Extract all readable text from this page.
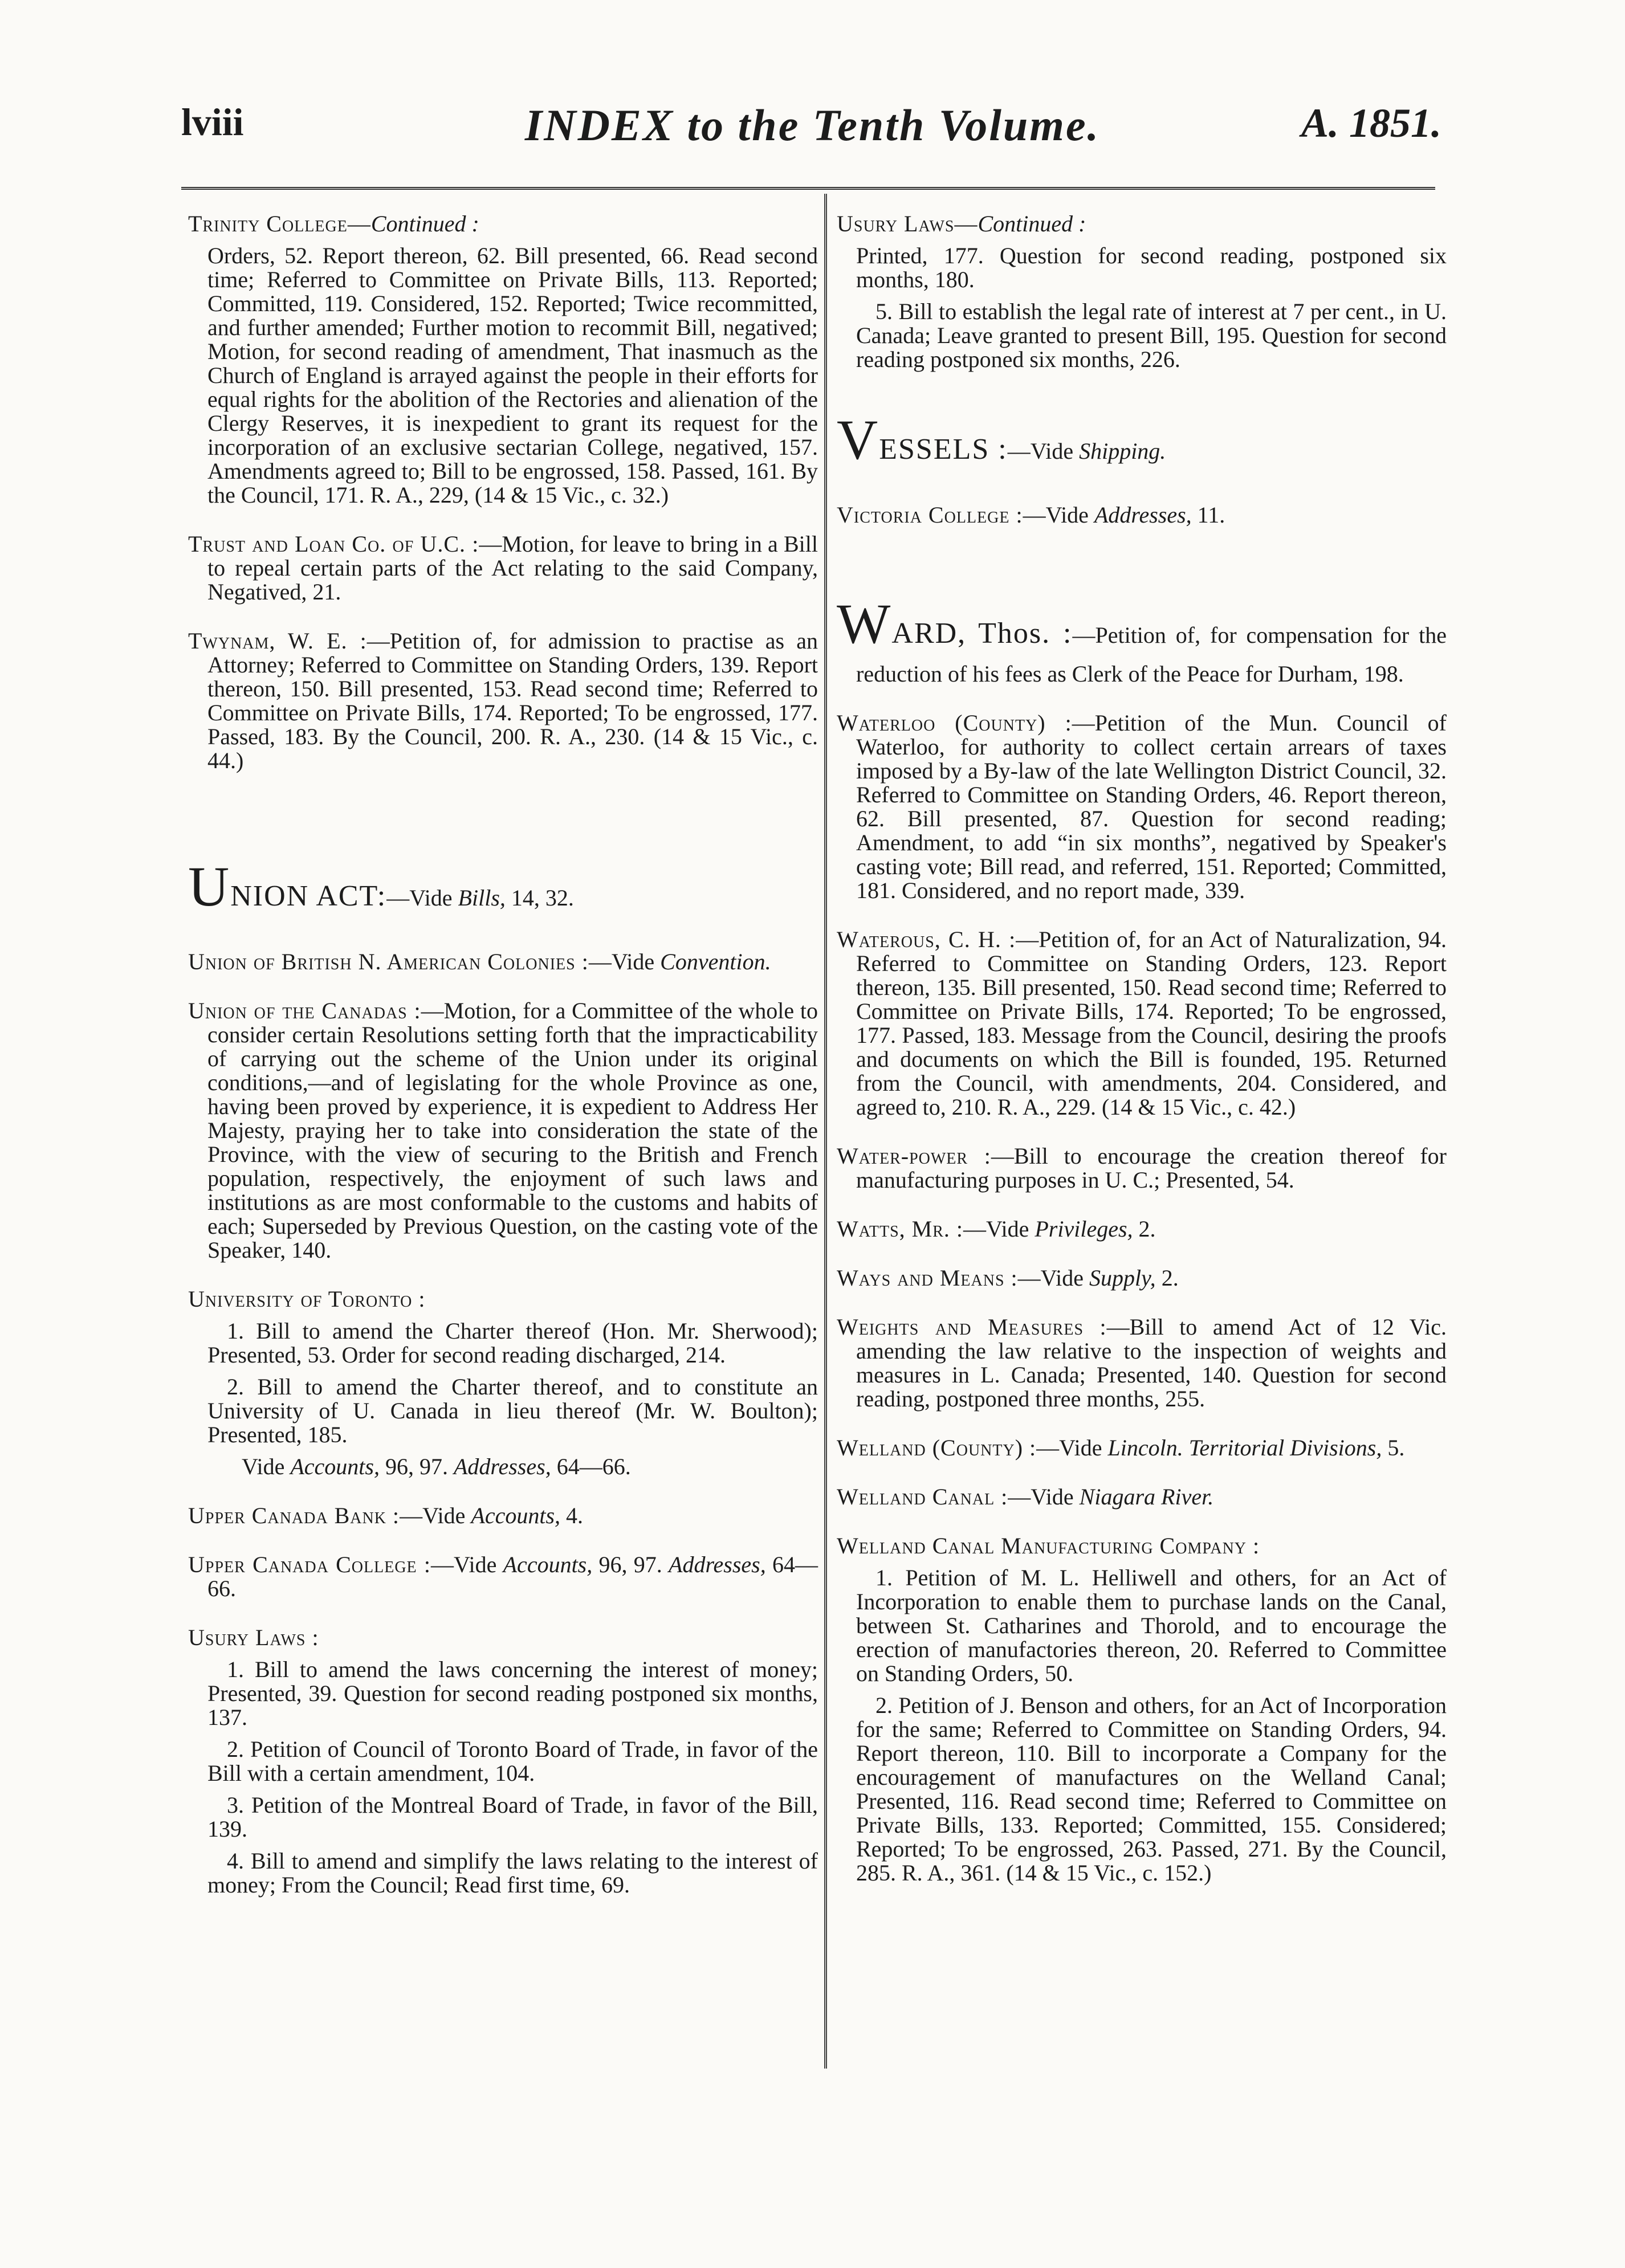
lviii	INDEX to the Tenth Volume.	A. 1851.
Trinity College—Continued :
Orders, 52. Report thereon, 62. Bill presented, 66. Read second time; Referred to Committee on Private Bills, 113. Reported; Committed, 119. Considered, 152. Reported; Twice recommitted, and further amended; Further motion to recommit Bill, negatived; Motion, for second reading of amendment, That inasmuch as the Church of England is arrayed against the people in their efforts for equal rights for the abolition of the Rectories and alienation of the Clergy Reserves, it is inexpedient to grant its request for the incorporation of an exclusive sectarian College, negatived, 157. Amendments agreed to; Bill to be engrossed, 158. Passed, 161. By the Council, 171. R. A., 229, (14 & 15 Vic., c. 32.)
Trust and Loan Co. of U.C. :—Motion, for leave to bring in a Bill to repeal certain parts of the Act relating to the said Company, Negatived, 21.
Twynam, W. E. :—Petition of, for admission to practise as an Attorney; Referred to Committee on Standing Orders, 139. Report thereon, 150. Bill presented, 153. Read second time; Referred to Committee on Private Bills, 174. Reported; To be engrossed, 177. Passed, 183. By the Council, 200. R. A., 230. (14 & 15 Vic., c. 44.)
UNION ACT:—Vide Bills, 14, 32.
Union of British N. American Colonies :—Vide Convention.
Union of the Canadas :—Motion, for a Committee of the whole to consider certain Resolutions setting forth that the impracticability of carrying out the scheme of the Union under its original conditions,—and of legislating for the whole Province as one, having been proved by experience, it is expedient to Address Her Majesty, praying her to take into consideration the state of the Province, with the view of securing to the British and French population, respectively, the enjoyment of such laws and institutions as are most conformable to the customs and habits of each; Superseded by Previous Question, on the casting vote of the Speaker, 140.
University of Toronto :
1. Bill to amend the Charter thereof (Hon. Mr. Sherwood); Presented, 53. Order for second reading discharged, 214.
2. Bill to amend the Charter thereof, and to constitute an University of U. Canada in lieu thereof (Mr. W. Boulton); Presented, 185.
Vide Accounts, 96, 97. Addresses, 64—66.
Upper Canada Bank :—Vide Accounts, 4.
Upper Canada College :—Vide Accounts, 96, 97. Addresses, 64—66.
Usury Laws :
1. Bill to amend the laws concerning the interest of money; Presented, 39. Question for second reading postponed six months, 137.
2. Petition of Council of Toronto Board of Trade, in favor of the Bill with a certain amendment, 104.
3. Petition of the Montreal Board of Trade, in favor of the Bill, 139.
4. Bill to amend and simplify the laws relating to the interest of money; From the Council; Read first time, 69.
Usury Laws—Continued :
Printed, 177. Question for second reading, postponed six months, 180.
5. Bill to establish the legal rate of interest at 7 per cent., in U. Canada; Leave granted to present Bill, 195. Question for second reading postponed six months, 226.
VESSELS :—Vide Shipping.
Victoria College :—Vide Addresses, 11.
WARD, Thos. :—Petition of, for compensation for the reduction of his fees as Clerk of the Peace for Durham, 198.
Waterloo (County) :—Petition of the Mun. Council of Waterloo, for authority to collect certain arrears of taxes imposed by a By-law of the late Wellington District Council, 32. Referred to Committee on Standing Orders, 46. Report thereon, 62. Bill presented, 87. Question for second reading; Amendment, to add “in six months”, negatived by Speaker's casting vote; Bill read, and referred, 151. Reported; Committed, 181. Considered, and no report made, 339.
Waterous, C. H. :—Petition of, for an Act of Naturalization, 94. Referred to Committee on Standing Orders, 123. Report thereon, 135. Bill presented, 150. Read second time; Referred to Committee on Private Bills, 174. Reported; To be engrossed, 177. Passed, 183. Message from the Council, desiring the proofs and documents on which the Bill is founded, 195. Returned from the Council, with amendments, 204. Considered, and agreed to, 210. R. A., 229. (14 & 15 Vic., c. 42.)
Water-power :—Bill to encourage the creation thereof for manufacturing purposes in U. C.; Presented, 54.
Watts, Mr. :—Vide Privileges, 2.
Ways and Means :—Vide Supply, 2.
Weights and Measures :—Bill to amend Act of 12 Vic. amending the law relative to the inspection of weights and measures in L. Canada; Presented, 140. Question for second reading, postponed three months, 255.
Welland (County) :—Vide Lincoln. Territorial Divisions, 5.
Welland Canal :—Vide Niagara River.
Welland Canal Manufacturing Company :
1. Petition of M. L. Helliwell and others, for an Act of Incorporation to enable them to purchase lands on the Canal, between St. Catharines and Thorold, and to encourage the erection of manufactories thereon, 20. Referred to Committee on Standing Orders, 50.
2. Petition of J. Benson and others, for an Act of Incorporation for the same; Referred to Committee on Standing Orders, 94. Report thereon, 110. Bill to incorporate a Company for the encouragement of manufactures on the Welland Canal; Presented, 116. Read second time; Referred to Committee on Private Bills, 133. Reported; Committed, 155. Considered; Reported; To be engrossed, 263. Passed, 271. By the Council, 285. R. A., 361. (14 & 15 Vic., c. 152.)
